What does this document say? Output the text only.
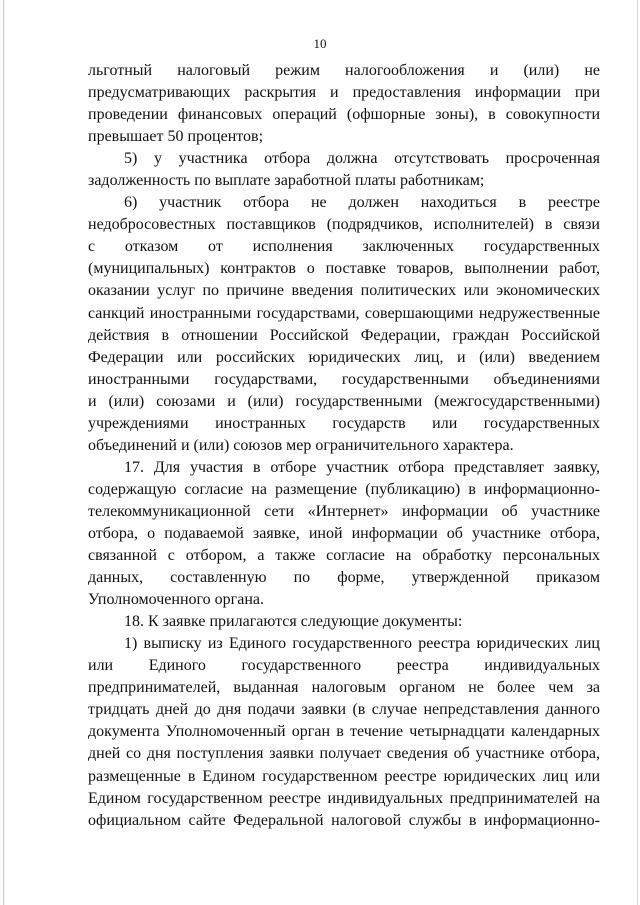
10
льготный налоговый режим налогообложения и (или) не
предусматривающих раскрытия и предоставления информации при
проведении финансовых операций (офшорные зоны), в совокупности
превышает 50 процентов;
5) у участника отбора должна отсутствовать просроченная
задолженность по выплате заработной платы работникам;
6) участник отбора не должен находиться в реестре
недобросовестных поставщиков (подрядчиков, исполнителей) в связи
с отказом от исполнения заключенных государственных
(муниципальных) контрактов о поставке товаров, выполнении работ,
оказании услуг по причине введения политических или экономических
санкций иностранными государствами, совершающими недружественные
действия в отношении Российской Федерации, граждан Российской
Федерации или российских юридических лиц, и (или) введением
иностранными государствами, государственными объединениями
и (или) союзами и (или) государственными (межгосударственными)
учреждениями иностранных государств или государственных
объединений и (или) союзов мер ограничительного характера.
17. Для участия в отборе участник отбора представляет заявку,
содержащую согласие на размещение (публикацию) в информационно-
телекоммуникационной сети «Интернет» информации об участнике
отбора, о подаваемой заявке, иной информации об участнике отбора,
связанной с отбором, а также согласие на обработку персональных
данных, составленную по форме, утвержденной приказом
Уполномоченного органа.
18. К заявке прилагаются следующие документы:
1) выписку из Единого государственного реестра юридических лиц
или Единого государственного реестра индивидуальных
предпринимателей, выданная налоговым органом не более чем за
тридцать дней до дня подачи заявки (в случае непредставления данного
документа Уполномоченный орган в течение четырнадцати календарных
дней со дня поступления заявки получает сведения об участнике отбора,
размещенные в Едином государственном реестре юридических лиц или
Едином государственном реестре индивидуальных предпринимателей на
официальном сайте Федеральной налоговой службы в информационно-
